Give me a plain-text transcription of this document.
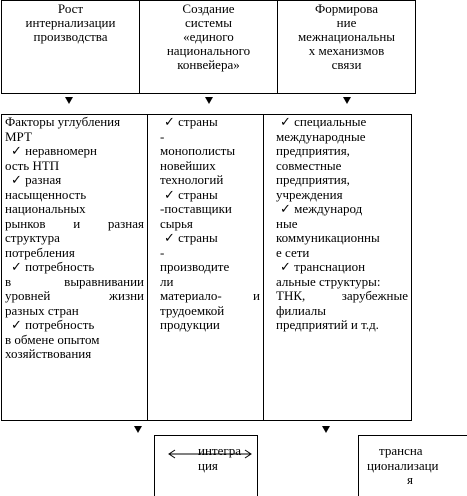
Рост
интернализации
производства
Создание
системы
«единого
национального
конвейера»
Формирова
ние
межнациональны
х механизмов
связи
Факторы углубления
МРТ
✓ неравномерн
ость НТП
✓ разная
насыщенность
национальных
рынков и разная
структура
потребления
✓ потребность
в выравнивании
уровней жизни
разных стран
✓ потребность
в обмене опытом
хозяйствования
✓ страны
-
монополисты
новейших
технологий
✓ страны
-поставщики
сырья
✓ страны
-
производите
ли
материало- и
трудоемкой
продукции
✓ специальные
международные
предприятия,
совместные
предприятия,
учреждения
✓ международ
ные
коммуникационны
е сети
✓ транснацион
альные структуры:
ТНК, зарубежные
филиалы
предприятий и т.д.
интегра
ция
трансна
ционализаци
я
